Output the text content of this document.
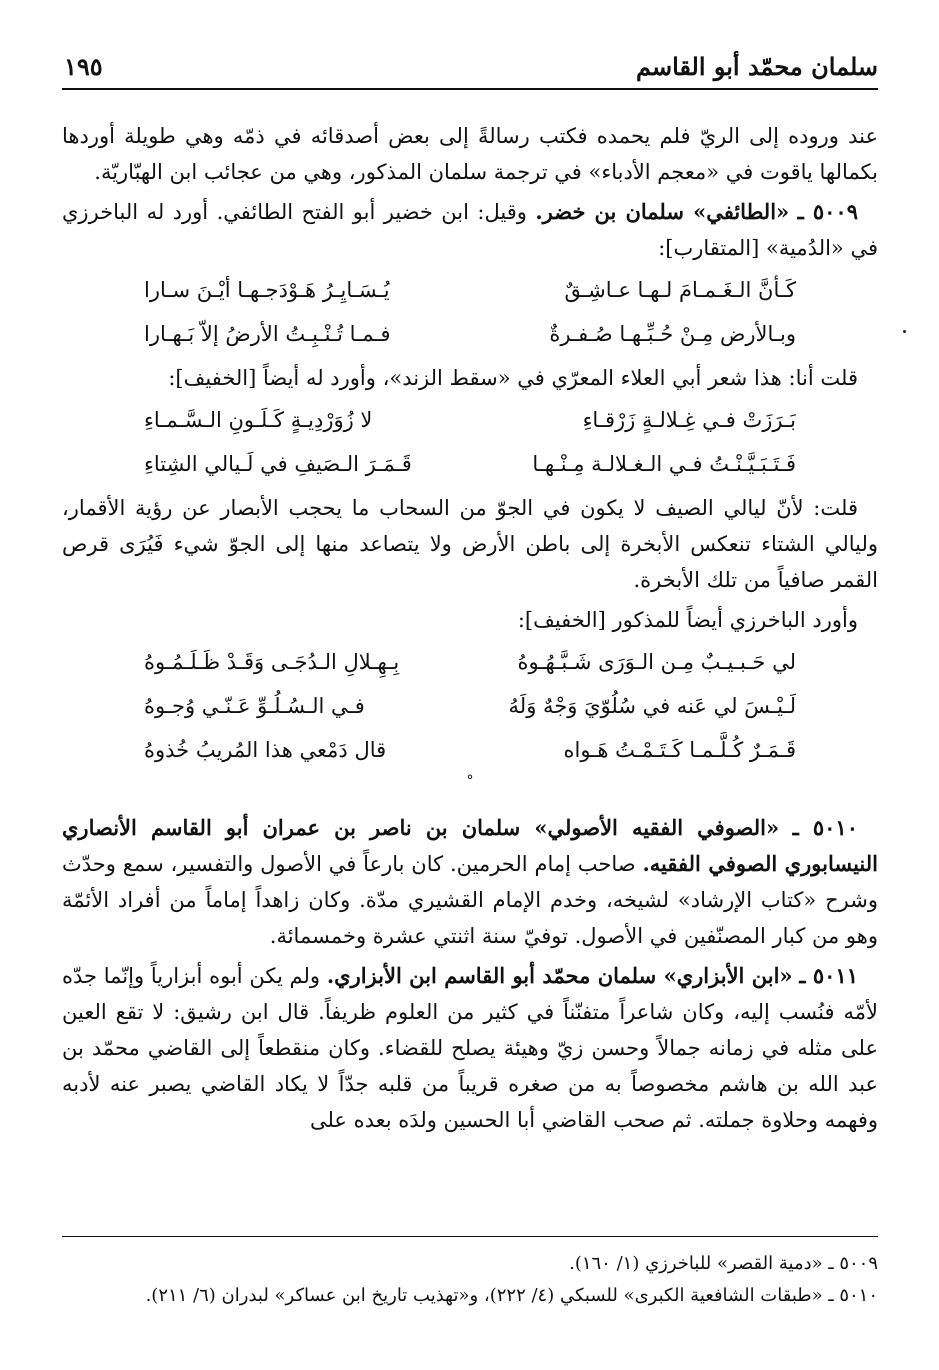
سلمان محمّد أبو القاسم
١٩٥

عند وروده إلى الريّ فلم يحمده فكتب رسالةً إلى بعض أصدقائه في ذمّه وهي طويلة أوردها بكمالها ياقوت في «معجم الأدباء» في ترجمة سلمان المذكور، وهي من عجائب ابن الهبّاريّة.

٥٠٠٩ ـ «الطائفي» سلمان بن خضر. وقيل: ابن خضير أبو الفتح الطائفي. أورد له الباخرزي في «الدُمية» [المتقارب]:

كَـأنَّ الـغَـمـامَ لـهـا عـاشِـقٌ
يُـسَـايِـرُ هَـوْدَجـهـا أيْـنَ سـارا
وبـالأرض مِـنْ حُـبِّـهـا صُـفـرةٌ
فـمـا تُـنْـبِـتُ الأرضُ إلاّ بَـهـارا

قلت أنا: هذا شعر أبي العلاء المعرّي في «سقط الزند»، وأورد له أيضاً [الخفيف]:

بَـرَزَتْ فـي غِـلالـةٍ زَرْقـاءِ
لا زُوَرْدِيـةٍ كَـلَـونِ الـسَّـمـاءِ
فَـتَـبَـيَّـنْـتُ فـي الـغـلالـة مِـنْـهـا
قَـمَـرَ الـصَيفِ في لَـيالي الشِتاءِ

قلت: لأنّ ليالي الصيف لا يكون في الجوّ من السحاب ما يحجب الأبصار عن رؤية الأقمار، وليالي الشتاء تنعكس الأبخرة إلى باطن الأرض ولا يتصاعد منها إلى الجوّ شيء فَيُرَى قرص القمر صافياً من تلك الأبخرة.

وأورد الباخرزي أيضاً للمذكور [الخفيف]:

لي حَـبـيـبٌ مِـن الـوَرَى شَـبَّـهُـوهُ
بِـهِـلالِ الـدُجَـى وَقَـدْ ظَـلَـمُـوهُ
لَـيْـسَ لي عَنه في سُلُوّيَ وَجْهٌ وَلَهُ
فـي الـسُـلُـوِّ عَـنّـي وُجـوهُ
قَـمَـرٌ كُـلَّـمـا كَـتَـمْـتُ هَـواه
قال دَمْعي هذا المُريبُ خُذوهُ
°

٥٠١٠ ـ «الصوفي الفقيه الأصولي» سلمان بن ناصر بن عمران أبو القاسم الأنصاري النيسابوري الصوفي الفقيه. صاحب إمام الحرمين. كان بارعاً في الأصول والتفسير، سمع وحدّث وشرح «كتاب الإرشاد» لشيخه، وخدم الإمام القشيري مدّة. وكان زاهداً إماماً من أفراد الأئمّة وهو من كبار المصنّفين في الأصول. توفيّ سنة اثنتي عشرة وخمسمائة.

٥٠١١ ـ «ابن الأبزاري» سلمان محمّد أبو القاسم ابن الأبزاري. ولم يكن أبوه أبزارياً وإنّما جدّه لأمّه فنُسب إليه، وكان شاعراً متفنّناً في كثير من العلوم ظريفاً. قال ابن رشيق: لا تقع العين على مثله في زمانه جمالاً وحسن زيّ وهيئة يصلح للقضاء. وكان منقطعاً إلى القاضي محمّد بن عبد الله بن هاشم مخصوصاً به من صغره قريباً من قلبه جدّاً لا يكاد القاضي يصبر عنه لأدبه وفهمه وحلاوة جملته. ثم صحب القاضي أبا الحسين ولدَه بعده على

٥٠٠٩ ـ «دمية القصر» للباخرزي (١/ ١٦٠).

٥٠١٠ ـ «طبقات الشافعية الكبرى» للسبكي (٤/ ٢٢٢)، و«تهذيب تاريخ ابن عساكر» لبدران (٦/ ٢١١).
